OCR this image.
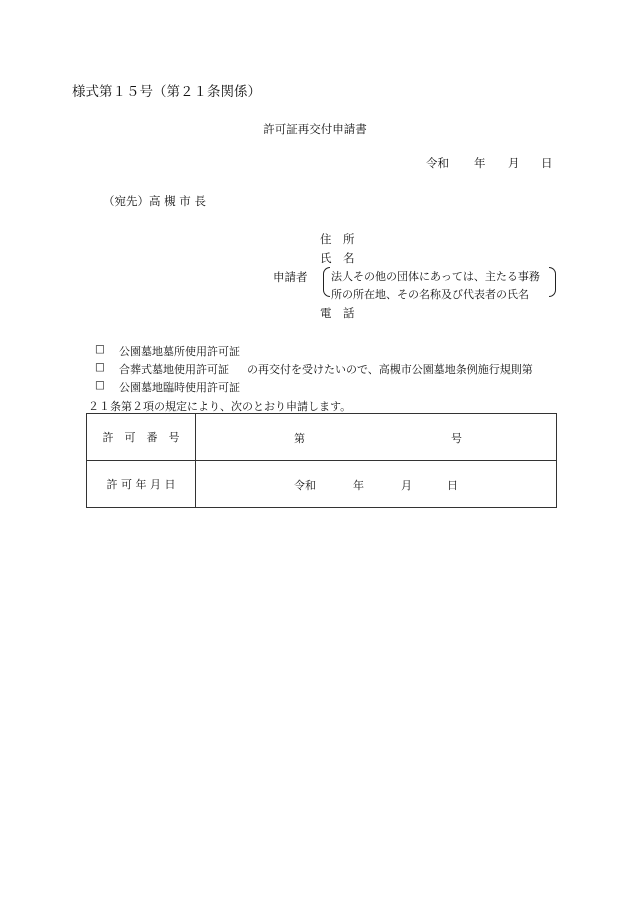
様式第１５号（第２１条関係）
許可証再交付申請書
令和 年 月 日
（宛先）高 槻 市 長
住　所
氏　名
申請者 法人その他の団体にあっては、主たる事務
所の所在地、その名称及び代表者の氏名
電　話
□ 公園墓地墓所使用許可証
□ 合葬式墓地使用許可証 の再交付を受けたいので、高槻市公園墓地条例施行規則第
□ 公園墓地臨時使用許可証
２１条第２項の規定により、次のとおり申請します。
許　可　番　号	第 号

許 可 年 月 日	令和 年 月 日
